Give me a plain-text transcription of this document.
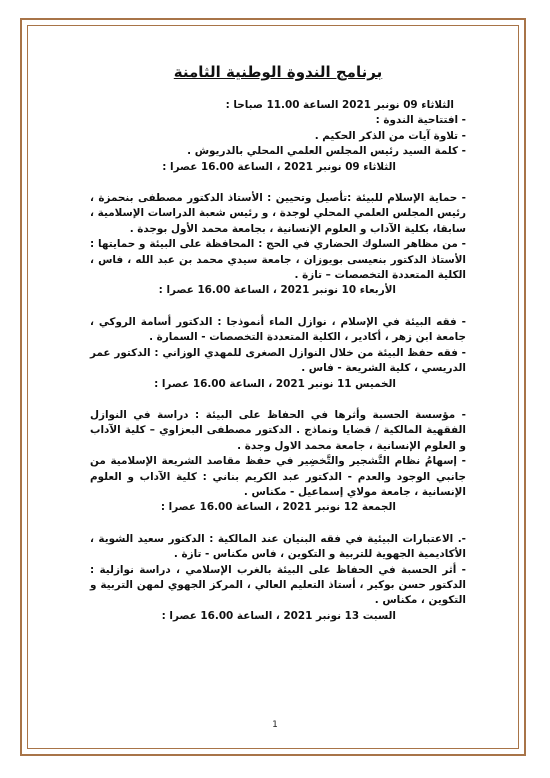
برنامج الندوة الوطنية الثامنة

الثلاثاء 09 نونبر 2021 الساعة 11.00 صباحا :

- افتتاحية الندوة :

- تلاوة آيات من الذكر الحكيم .

- كلمة السيد رئيس المجلس العلمي المحلي بالدريوش .

الثلاثاء 09 نونبر 2021 ، الساعة 16.00 عصرا :

- حماية الإسلام للبيئة :تأصيل وتحيين : الأستاذ الدكتور مصطفى بنحمزة ، رئيس المجلس العلمي المحلي لوجدة ، و رئيس شعبة الدراسات الإسلامية ، سابقا، بكلية الآداب و العلوم الإنسانية ، بجامعة محمد الأول بوجدة .

- من مظاهر السلوك الحضاري في الحج : المحافظة على البيئة و حمايتها : الأستاذ الدكتور بنعيسى بويوزان ، جامعة سيدي محمد بن عبد الله ، فاس ، الكلية المتعددة التخصصات – تازة .

الأربعاء 10 نونبر 2021 ، الساعة 16.00 عصرا :

- فقه البيئة في الإسلام ، نوازل الماء أنموذجا : الدكتور أسامة الروكي ، جامعة ابن زهر ، أكادير ، الكلية المتعددة التخصصات - السمارة .

- فقه حفظ البيئة من خلال النوازل الصغرى للمهدي الوزاني : الدكتور عمر الدريسي ، كلية الشريعة - فاس .

الخميس 11 نونبر 2021 ، الساعة 16.00 عصرا :

- مؤسسة الحسبة وأثرها في الحفاظ على البيئة : دراسة في النوازل الفقهية المالكية / قضايا ونماذج . الدكتور مصطفى البعزاوي – كلية الآداب و العلوم الإنسانية ، جامعة محمد الاول وجدة .

- إسهامُ نظام التَّشجير والتَّخضِير في حفظ مقاصد الشريعة الإسلامية من جانبي الوجود والعدم - الدكتور عبد الكريم بناني : كلية الآداب و العلوم الإنسانية ، جامعة مولاي إسماعيل - مكناس .

الجمعة 12 نونبر 2021 ، الساعة 16.00 عصرا :

-. الاعتبارات البيئية في فقه البنيان عند المالكية : الدكتور سعيد الشوية ، الأكاديمية الجهوية للتربية و التكوين ، فاس مكناس - تازة .

- أثر الحسبة في الحفاظ على البيئة بالغرب الإسلامي ، دراسة نوازلية : الدكتور حسن بوكير ، أستاذ التعليم العالي ، المركز الجهوي لمهن التربية و التكوين ، مكناس .

السبت 13 نونبر 2021 ، الساعة 16.00 عصرا :

1
